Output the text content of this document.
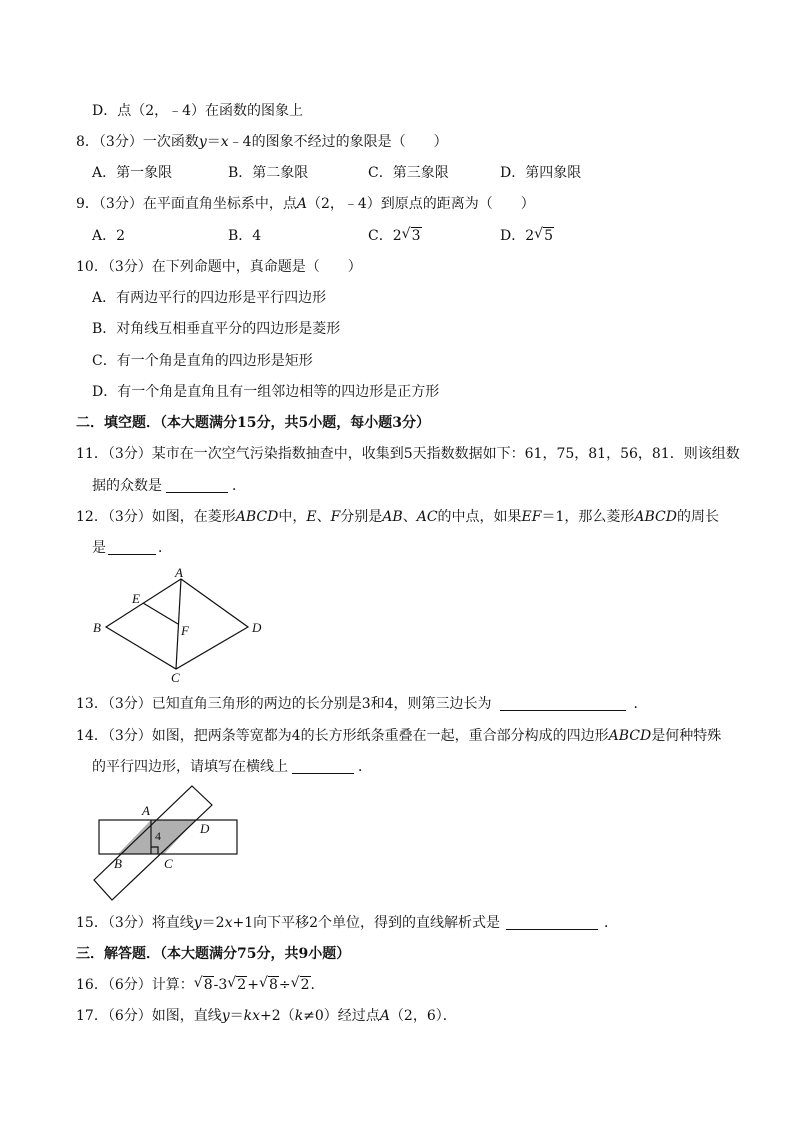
D．点（2，﹣4）在函数的图象上
8．（3分）一次函数y＝x﹣4的图象不经过的象限是（　　）
A．第一象限	B．第二象限	C．第三象限	D．第四象限
9．（3分）在平面直角坐标系中，点A（2，﹣4）到原点的距离为（　　）
A．2	B．4	C．2 √ 3	D．2 √ 5
10．（3分）在下列命题中，真命题是（　　）
A．有两边平行的四边形是平行四边形
B．对角线互相垂直平分的四边形是菱形
C．有一个角是直角的四边形是矩形
D．有一个角是直角且有一组邻边相等的四边形是正方形
二．填空题．（本大题满分15分，共5小题，每小题3分）
11．（3分）某市在一次空气污染指数抽查中，收集到5天指数数据如下：61，75，81，56，81．则该组数
据的众数是	．
12．（3分）如图，在菱形ABCD中，E、F分别是AB、AC的中点，如果EF＝1，那么菱形ABCD的周长
是	．
A
B
C
D
E
F
13．（3分）已知直角三角形的两边的长分别是3和4，则第三边长为	．
14．（3分）如图，把两条等宽都为4的长方形纸条重叠在一起，重合部分构成的四边形ABCD是何种特殊
的平行四边形，请填写在横线上	．
A
D
B	C
4
15．（3分）将直线y＝2x+1向下平移2个单位，得到的直线解析式是	．
三．解答题．（本大题满分75分，共9小题）
16．（6分）计算： √ 8-3 √ 2+ √ 8÷ √ 2．
17．（6分）如图，直线y＝kx+2（k≠0）经过点A（2，6）．
